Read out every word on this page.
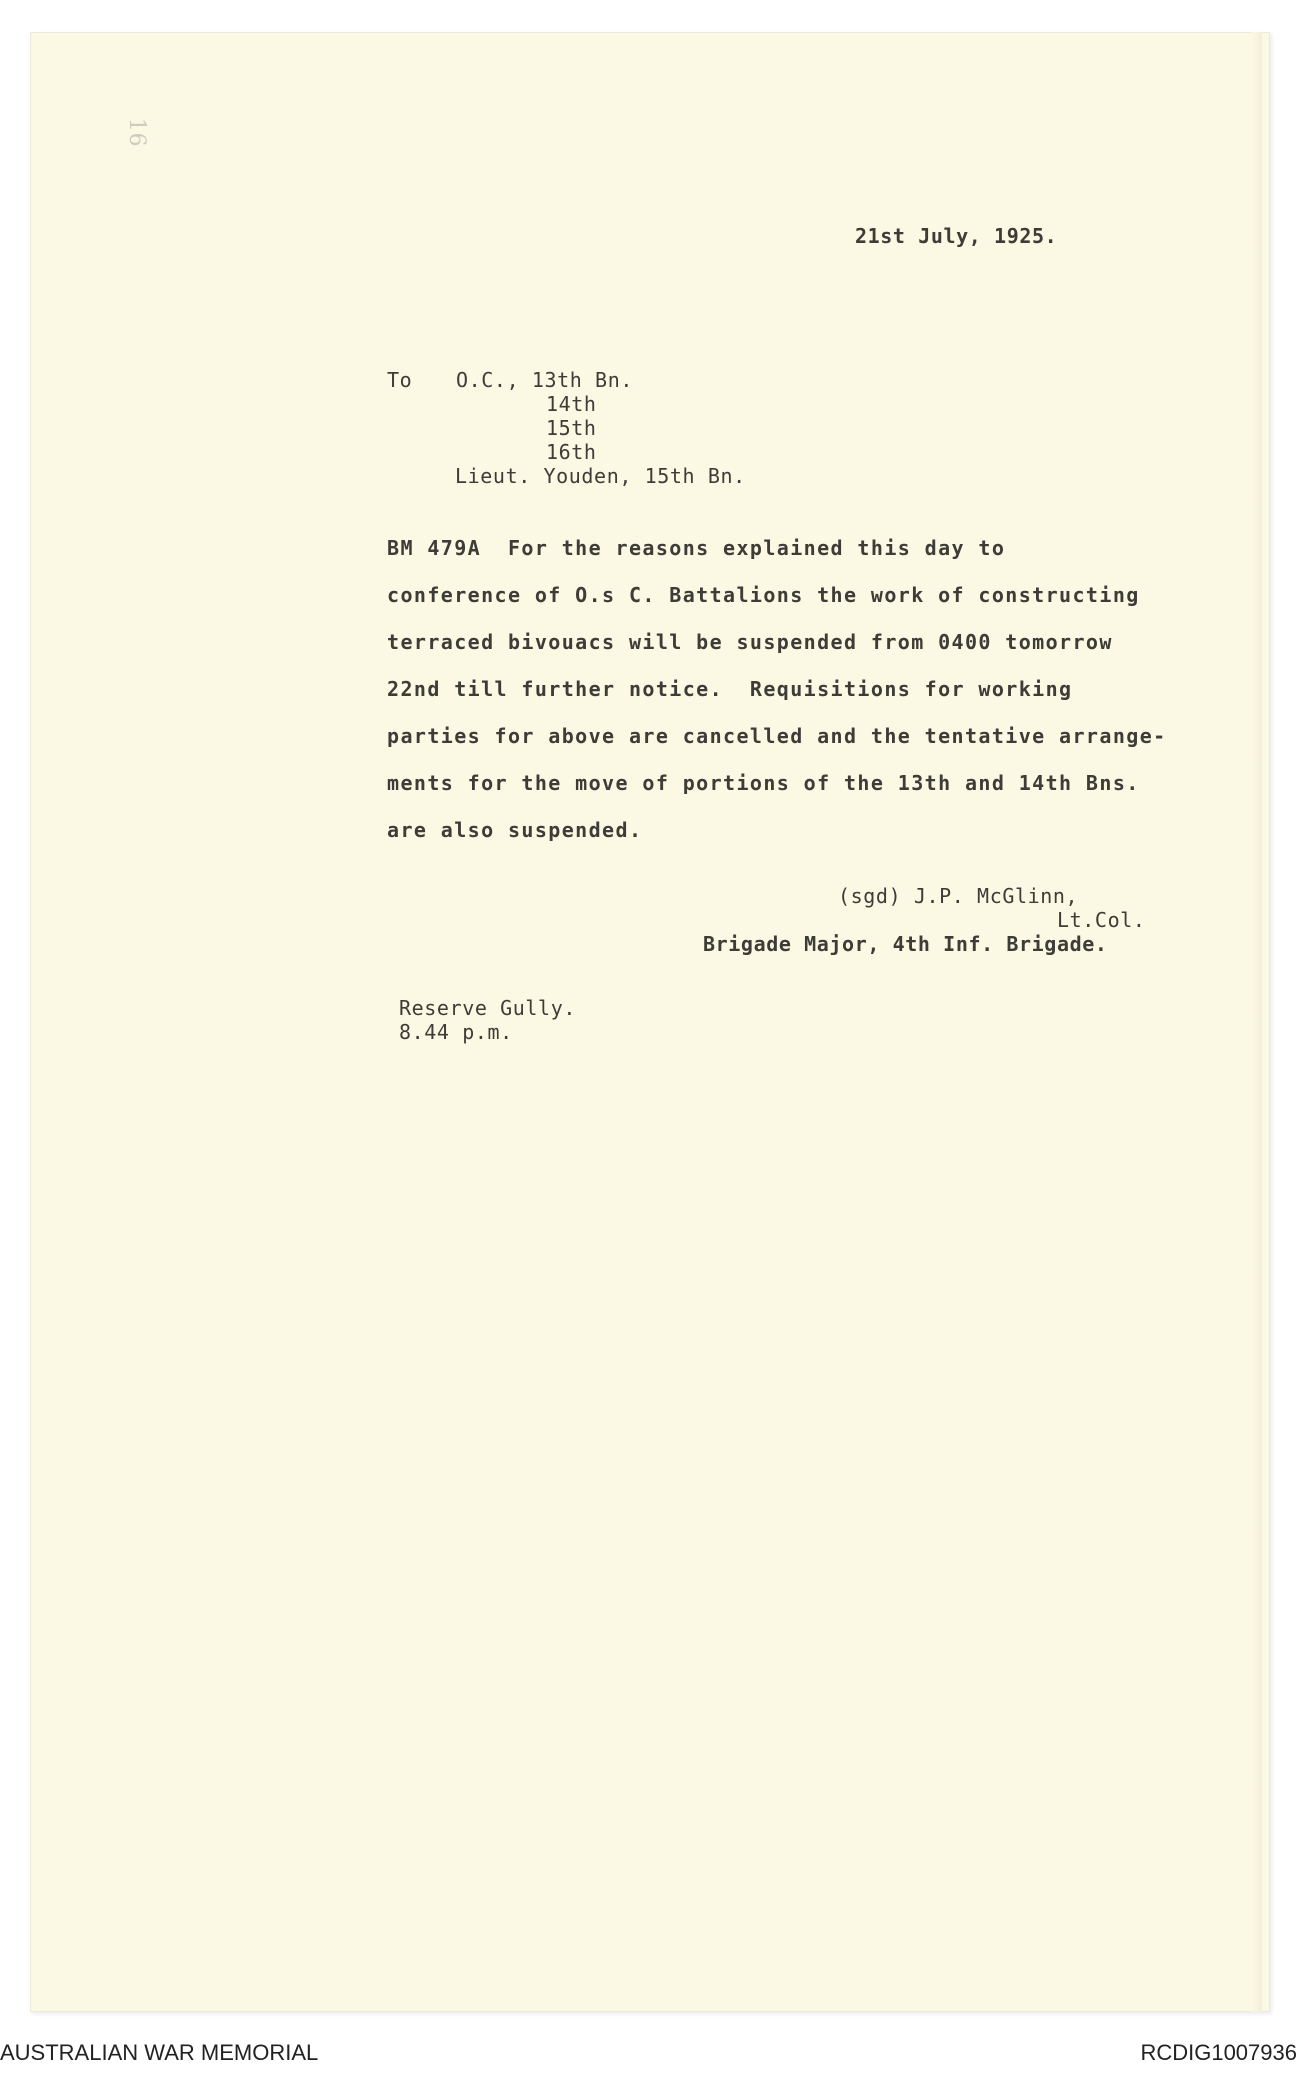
16
21st July, 1925.
To O.C., 13th Bn.
14th
15th
16th
Lieut. Youden, 15th Bn.
BM 479A  For the reasons explained this day to
conference of O.s C. Battalions the work of constructing
terraced bivouacs will be suspended from 0400 tomorrow
22nd till further notice.  Requisitions for working
parties for above are cancelled and the tentative arrange-
ments for the move of portions of the 13th and 14th Bns.
are also suspended.
(sgd) J.P. McGlinn,
Lt.Col.
Brigade Major, 4th Inf. Brigade.
Reserve Gully.
8.44 p.m.
AUSTRALIAN WAR MEMORIAL	RCDIG1007936
